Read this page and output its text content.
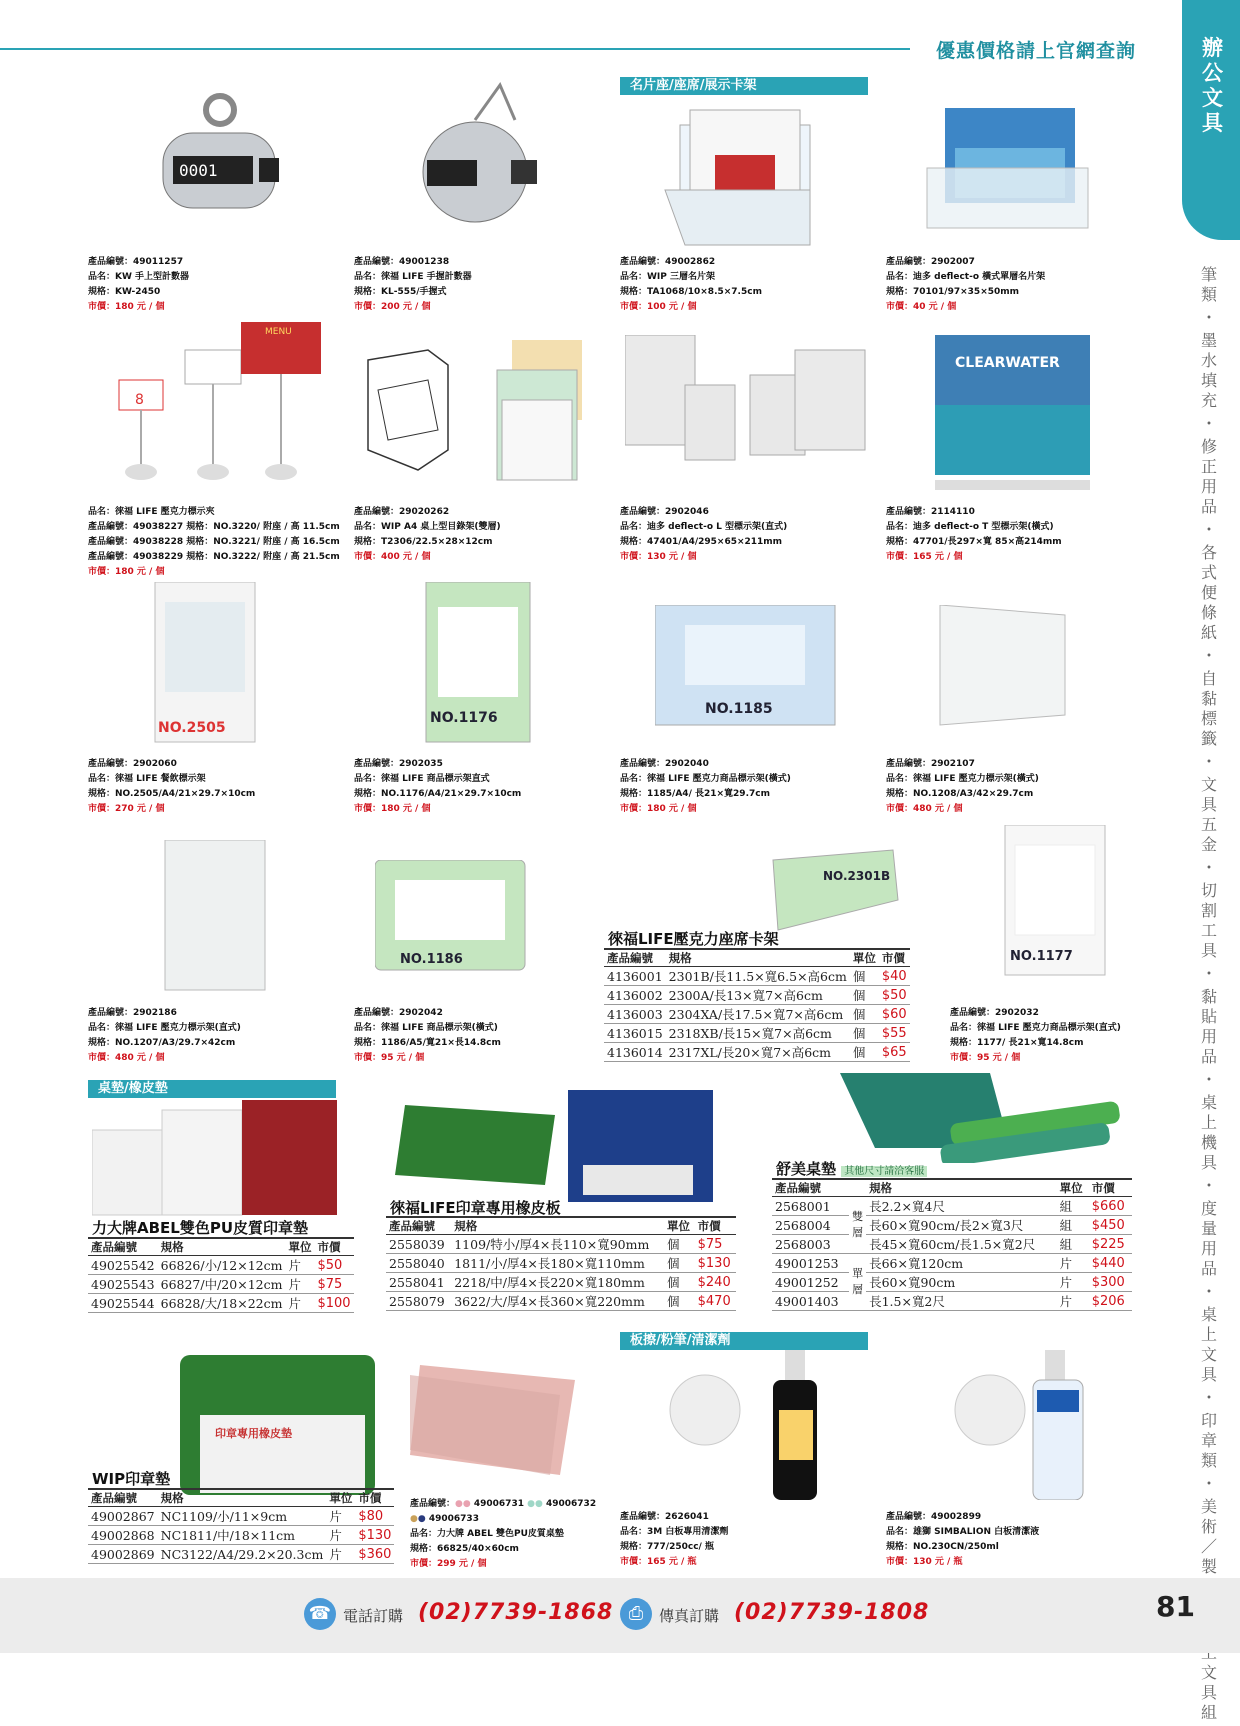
優惠價格請上官網查詢	辦公文具
筆類
・
墨水填充
・
修正用品
・
各式便條紙
・
自黏標籤
・
文具五金
・
切割工具
・
黏貼用品
・
桌上機具
・
度量用品
・
桌上文具
・
印章類
・
美術／製
文具組
名片座/座席/展示卡架
桌墊/橡皮墊
板擦/粉筆/清潔劑
0001
產品編號：49011257
品名：KW 手上型計數器
規格：KW-2450
市價：180 元 / 個
產品編號：49001238
品名：徠福 LIFE 手握計數器
規格：KL-555/手握式
市價：200 元 / 個
產品編號：49002862
品名：WIP 三層名片架
規格：TA1068/10×8.5×7.5cm
市價：100 元 / 個
產品編號：2902007
品名：迪多 deflect-o 橫式單層名片架
規格：70101/97×35×50mm
市價：40 元 / 個
8
MENU
CLEARWATER
品名：徠福 LIFE 壓克力標示夾
產品編號：49038227 規格：NO.3220/ 附座 / 高 11.5cm
產品編號：49038228 規格：NO.3221/ 附座 / 高 16.5cm
產品編號：49038229 規格：NO.3222/ 附座 / 高 21.5cm
市價：180 元 / 個
產品編號：29020262
品名：WIP A4 桌上型目錄架(雙層)
規格：T2306/22.5×28×12cm
市價：400 元 / 個
產品編號：2902046
品名：迪多 deflect-o L 型標示架(直式)
規格：47401/A4/295×65×211mm
市價：130 元 / 個
產品編號：2114110
品名：迪多 deflect-o T 型標示架(橫式)
規格：47701/長297×寬 85×高214mm
市價：165 元 / 個
NO.2505
NO.1176
NO.1185
產品編號：2902060
品名：徠福 LIFE 餐飲標示架
規格：NO.2505/A4/21×29.7×10cm
市價：270 元 / 個
產品編號：2902035
品名：徠福 LIFE 商品標示架直式
規格：NO.1176/A4/21×29.7×10cm
市價：180 元 / 個
產品編號：2902040
品名：徠福 LIFE 壓克力商品標示架(橫式)
規格：1185/A4/ 長21×寬29.7cm
市價：180 元 / 個
產品編號：2902107
品名：徠福 LIFE 壓克力標示架(橫式)
規格：NO.1208/A3/42×29.7cm
市價：480 元 / 個
NO.1186
NO.2301B
NO.1177
產品編號：2902186
品名：徠福 LIFE 壓克力標示架(直式)
規格：NO.1207/A3/29.7×42cm
市價：480 元 / 個
產品編號：2902042
品名：徠福 LIFE 商品標示架(橫式)
規格：1186/A5/寬21×長14.8cm
市價：95 元 / 個
產品編號：2902032
品名：徠福 LIFE 壓克力商品標示架(直式)
規格：1177/ 長21×寬14.8cm
市價：95 元 / 個
徠福LIFE壓克力座席卡架
產品編號	規格	單位	市價
4136001	2301B/長11.5×寬6.5×高6cm	個	$40
4136002	2300A/長13×寬7×高6cm	個	$50
4136003	2304XA/長17.5×寬7×高6cm	個	$60
4136015	2318XB/長15×寬7×高6cm	個	$55
4136014	2317XL/長20×寬7×高6cm	個	$65
力大牌ABEL雙色PU皮質印章墊
產品編號	規格	單位	市價
49025542	66826/小/12×12cm	片	$50
49025543	66827/中/20×12cm	片	$75
49025544	66828/大/18×22cm	片	$100
徠福LIFE印章專用橡皮板
產品編號	規格	單位	市價
2558039	1109/特小/厚4×長110×寬90mm	個	$75
2558040	1811/小/厚4×長180×寬110mm	個	$130
2558041	2218/中/厚4×長220×寬180mm	個	$240
2558079	3622/大/厚4×長360×寬220mm	個	$470
舒美桌墊 其他尺寸請洽客服
產品編號		規格	單位	市價
2568001	雙層	長2.2×寬4尺	組	$660
2568004		長60×寬90cm/長2×寬3尺	組	$450
2568003		長45×寬60cm/長1.5×寬2尺	組	$225
49001253	單層	長66×寬120cm	片	$440
49001252		長60×寬90cm	片	$300
49001403		長1.5×寬2尺	片	$206
印章專用橡皮墊
WIP印章墊
產品編號	規格	單位	市價
49002867	NC1109/小/11×9cm	片	$80
49002868	NC1811/中/18×11cm	片	$130
49002869	NC3122/A4/29.2×20.3cm	片	$360
產品編號：●● 49006731 ●● 49006732
●● 49006733
品名：力大牌 ABEL 雙色PU皮質桌墊
規格：66825/40×60cm
市價：299 元 / 個
產品編號：2626041
品名：3M 白板專用清潔劑
規格：777/250cc/ 瓶
市價：165 元 / 瓶
產品編號：49002899
品名：雄獅 SIMBALION 白板清潔液
規格：NO.230CN/250ml
市價：130 元 / 瓶
☎ 電話訂購 (02)7739-1868 ⎙	傳真訂購 (02)7739-1808	81
